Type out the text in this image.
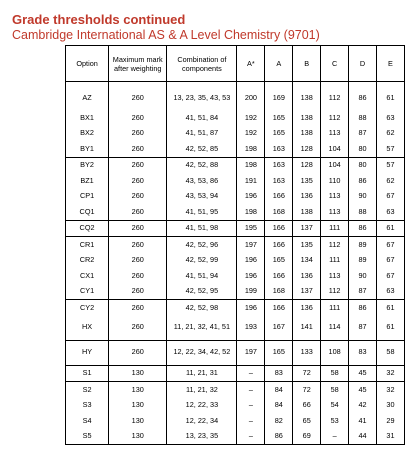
Grade thresholds continued
Cambridge International AS & A Level Chemistry (9701)
Option	Maximum mark after weighting	Combination of components	A*	A	B	C	D	E
AZ	260	13, 23, 35, 43, 53	200	169	138	112	86	61
BX1	260	41, 51, 84	192	165	138	112	88	63
BX2	260	41, 51, 87	192	165	138	113	87	62
BY1	260	42, 52, 85	198	163	128	104	80	57
BY2	260	42, 52, 88	198	163	128	104	80	57
BZ1	260	43, 53, 86	191	163	135	110	86	62
CP1	260	43, 53, 94	196	166	136	113	90	67
CQ1	260	41, 51, 95	198	168	138	113	88	63
CQ2	260	41, 51, 98	195	166	137	111	86	61
CR1	260	42, 52, 96	197	166	135	112	89	67
CR2	260	42, 52, 99	196	165	134	111	89	67
CX1	260	41, 51, 94	196	166	136	113	90	67
CY1	260	42, 52, 95	199	168	137	112	87	63
CY2	260	42, 52, 98	196	166	136	111	86	61
HX	260	11, 21, 32, 41, 51	193	167	141	114	87	61
HY	260	12, 22, 34, 42, 52	197	165	133	108	83	58
S1	130	11, 21, 31	–	83	72	58	45	32
S2	130	11, 21, 32	–	84	72	58	45	32
S3	130	12, 22, 33	–	84	66	54	42	30
S4	130	12, 22, 34	–	82	65	53	41	29
S5	130	13, 23, 35	–	86	69	–	44	31
